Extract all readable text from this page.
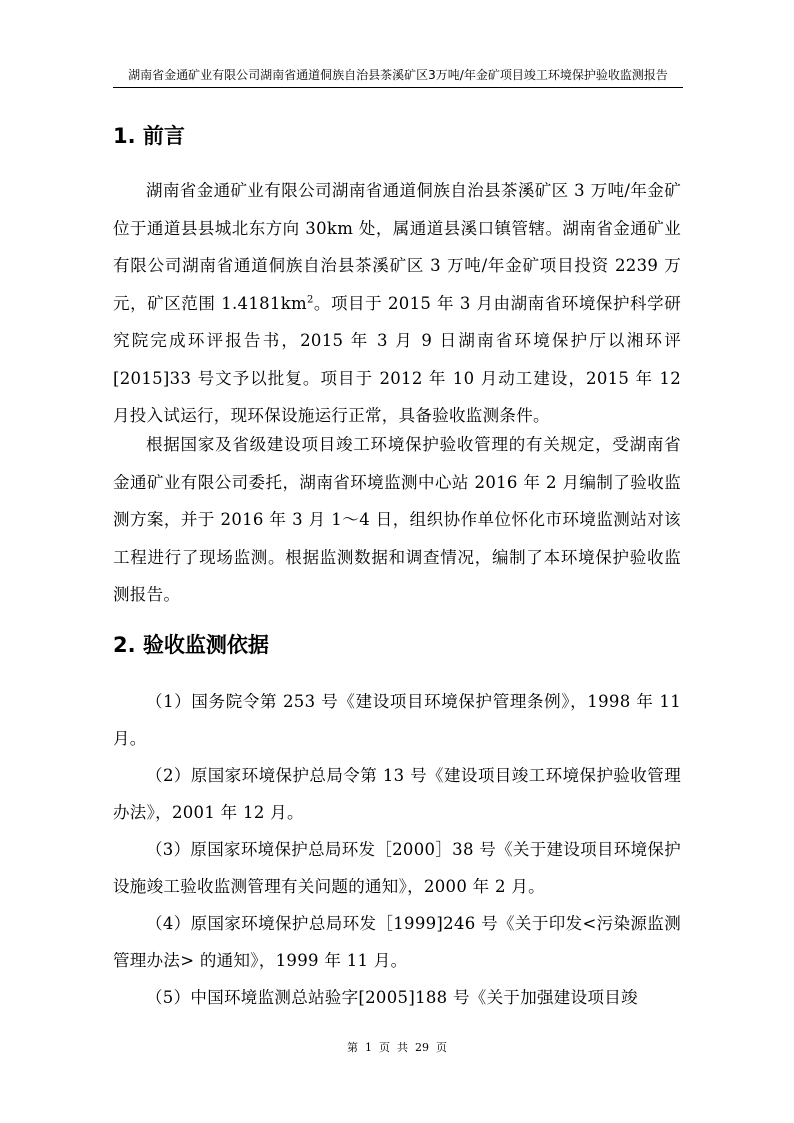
湖南省金通矿业有限公司湖南省通道侗族自治县茶溪矿区3万吨/年金矿项目竣工环境保护验收监测报告
1. 前言

湖南省金通矿业有限公司湖南省通道侗族自治县茶溪矿区 3 万吨/年金矿位于通道县县城北东方向 30km 处，属通道县溪口镇管辖。湖南省金通矿业有限公司湖南省通道侗族自治县茶溪矿区 3 万吨/年金矿项目投资 2239 万元，矿区范围 $1.4181km^2$。项目于 2015 年 3 月由湖南省环境保护科学研究院完成环评报告书，2015 年 3 月 9 日湖南省环境保护厅以湘环评 [2015]33 号文予以批复。项目于 2012 年 10 月动工建设，2015 年 12 月投入试运行，现环保设施运行正常，具备验收监测条件。

根据国家及省级建设项目竣工环境保护验收管理的有关规定，受湖南省金通矿业有限公司委托，湖南省环境监测中心站 2016 年 2 月编制了验收监测方案，并于 2016 年 3 月 1～4 日，组织协作单位怀化市环境监测站对该工程进行了现场监测。根据监测数据和调查情况，编制了本环境保护验收监测报告。

2. 验收监测依据
（1）国务院令第 253 号《建设项目环境保护管理条例》，1998 年 11 月。
（2）原国家环境保护总局令第 13 号《建设项目竣工环境保护验收管理办法》，2001 年 12 月。
（3）原国家环境保护总局环发［2000］38 号《关于建设项目环境保护设施竣工验收监测管理有关问题的通知》，2000 年 2 月。
（4）原国家环境保护总局环发［1999]246 号《关于印发<污染源监测管理办法> 的通知》，1999 年 11 月。
（5）中国环境监测总站验字[2005]188 号《关于加强建设项目竣
第  1  页  共  29  页
